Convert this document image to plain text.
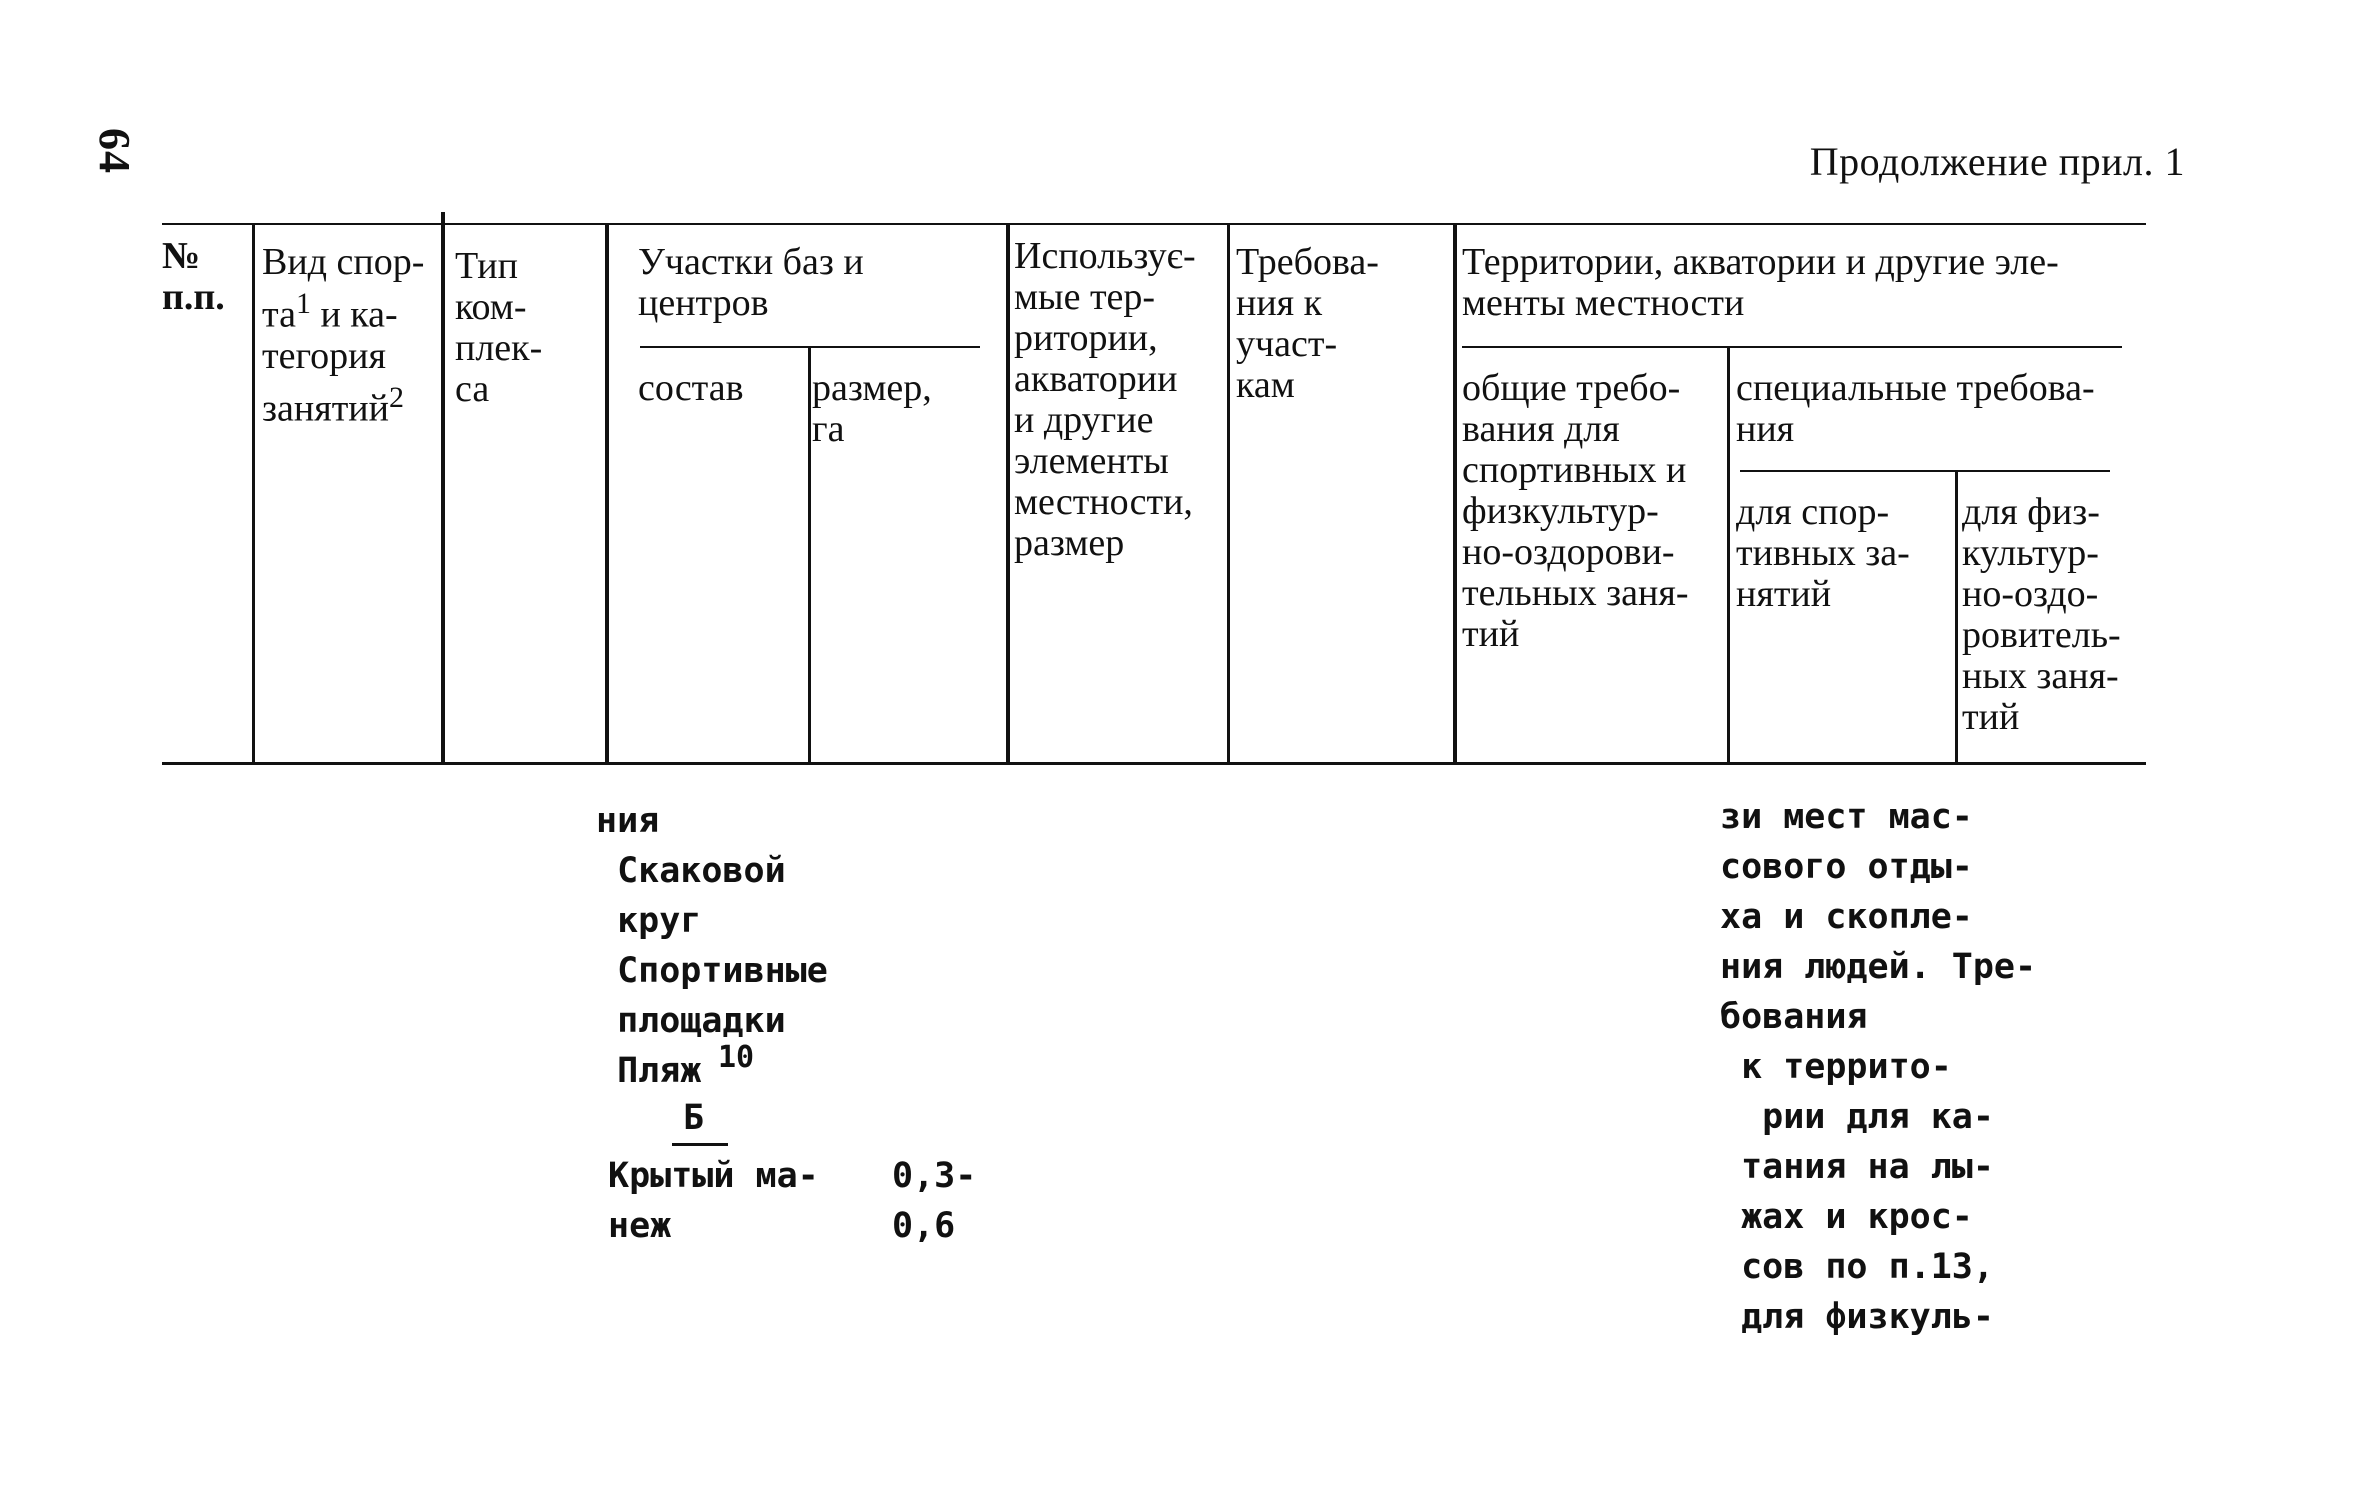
64	Продолжение прил. 1
№
п.п.
Вид спор-
$та^1$ и ка-
тегория
занятий$^2$
Тип
ком-
плек-
са
Участки баз и
центров
состав размер,
га
Использує-
мые тер-
ритории,
акватории
и другие
элементы
местности,
размер
Требова-
ния к
участ-
кам
Территории, акватории и другие эле-
менты местности
общие требо-
вания для
спортивных и
физкультур-
но-оздорови-
тельных заня-
тий
специальные требова-
ния
для спор-
тивных за-
нятий
для физ-
культур-
но-оздо-
ровитель-
ных заня-
тий
ния
Скаковой
круг
Спортивные
площадки
Пляж 10
Б
Крытый ма-
неж
0,3-
0,6
зи мест мас-
сового отды-
ха и скопле-
ния людей. Тре-
бования
к террито-
рии для ка-
тания на лы-
жах и крос-
сов по п.13,
для физкуль-
